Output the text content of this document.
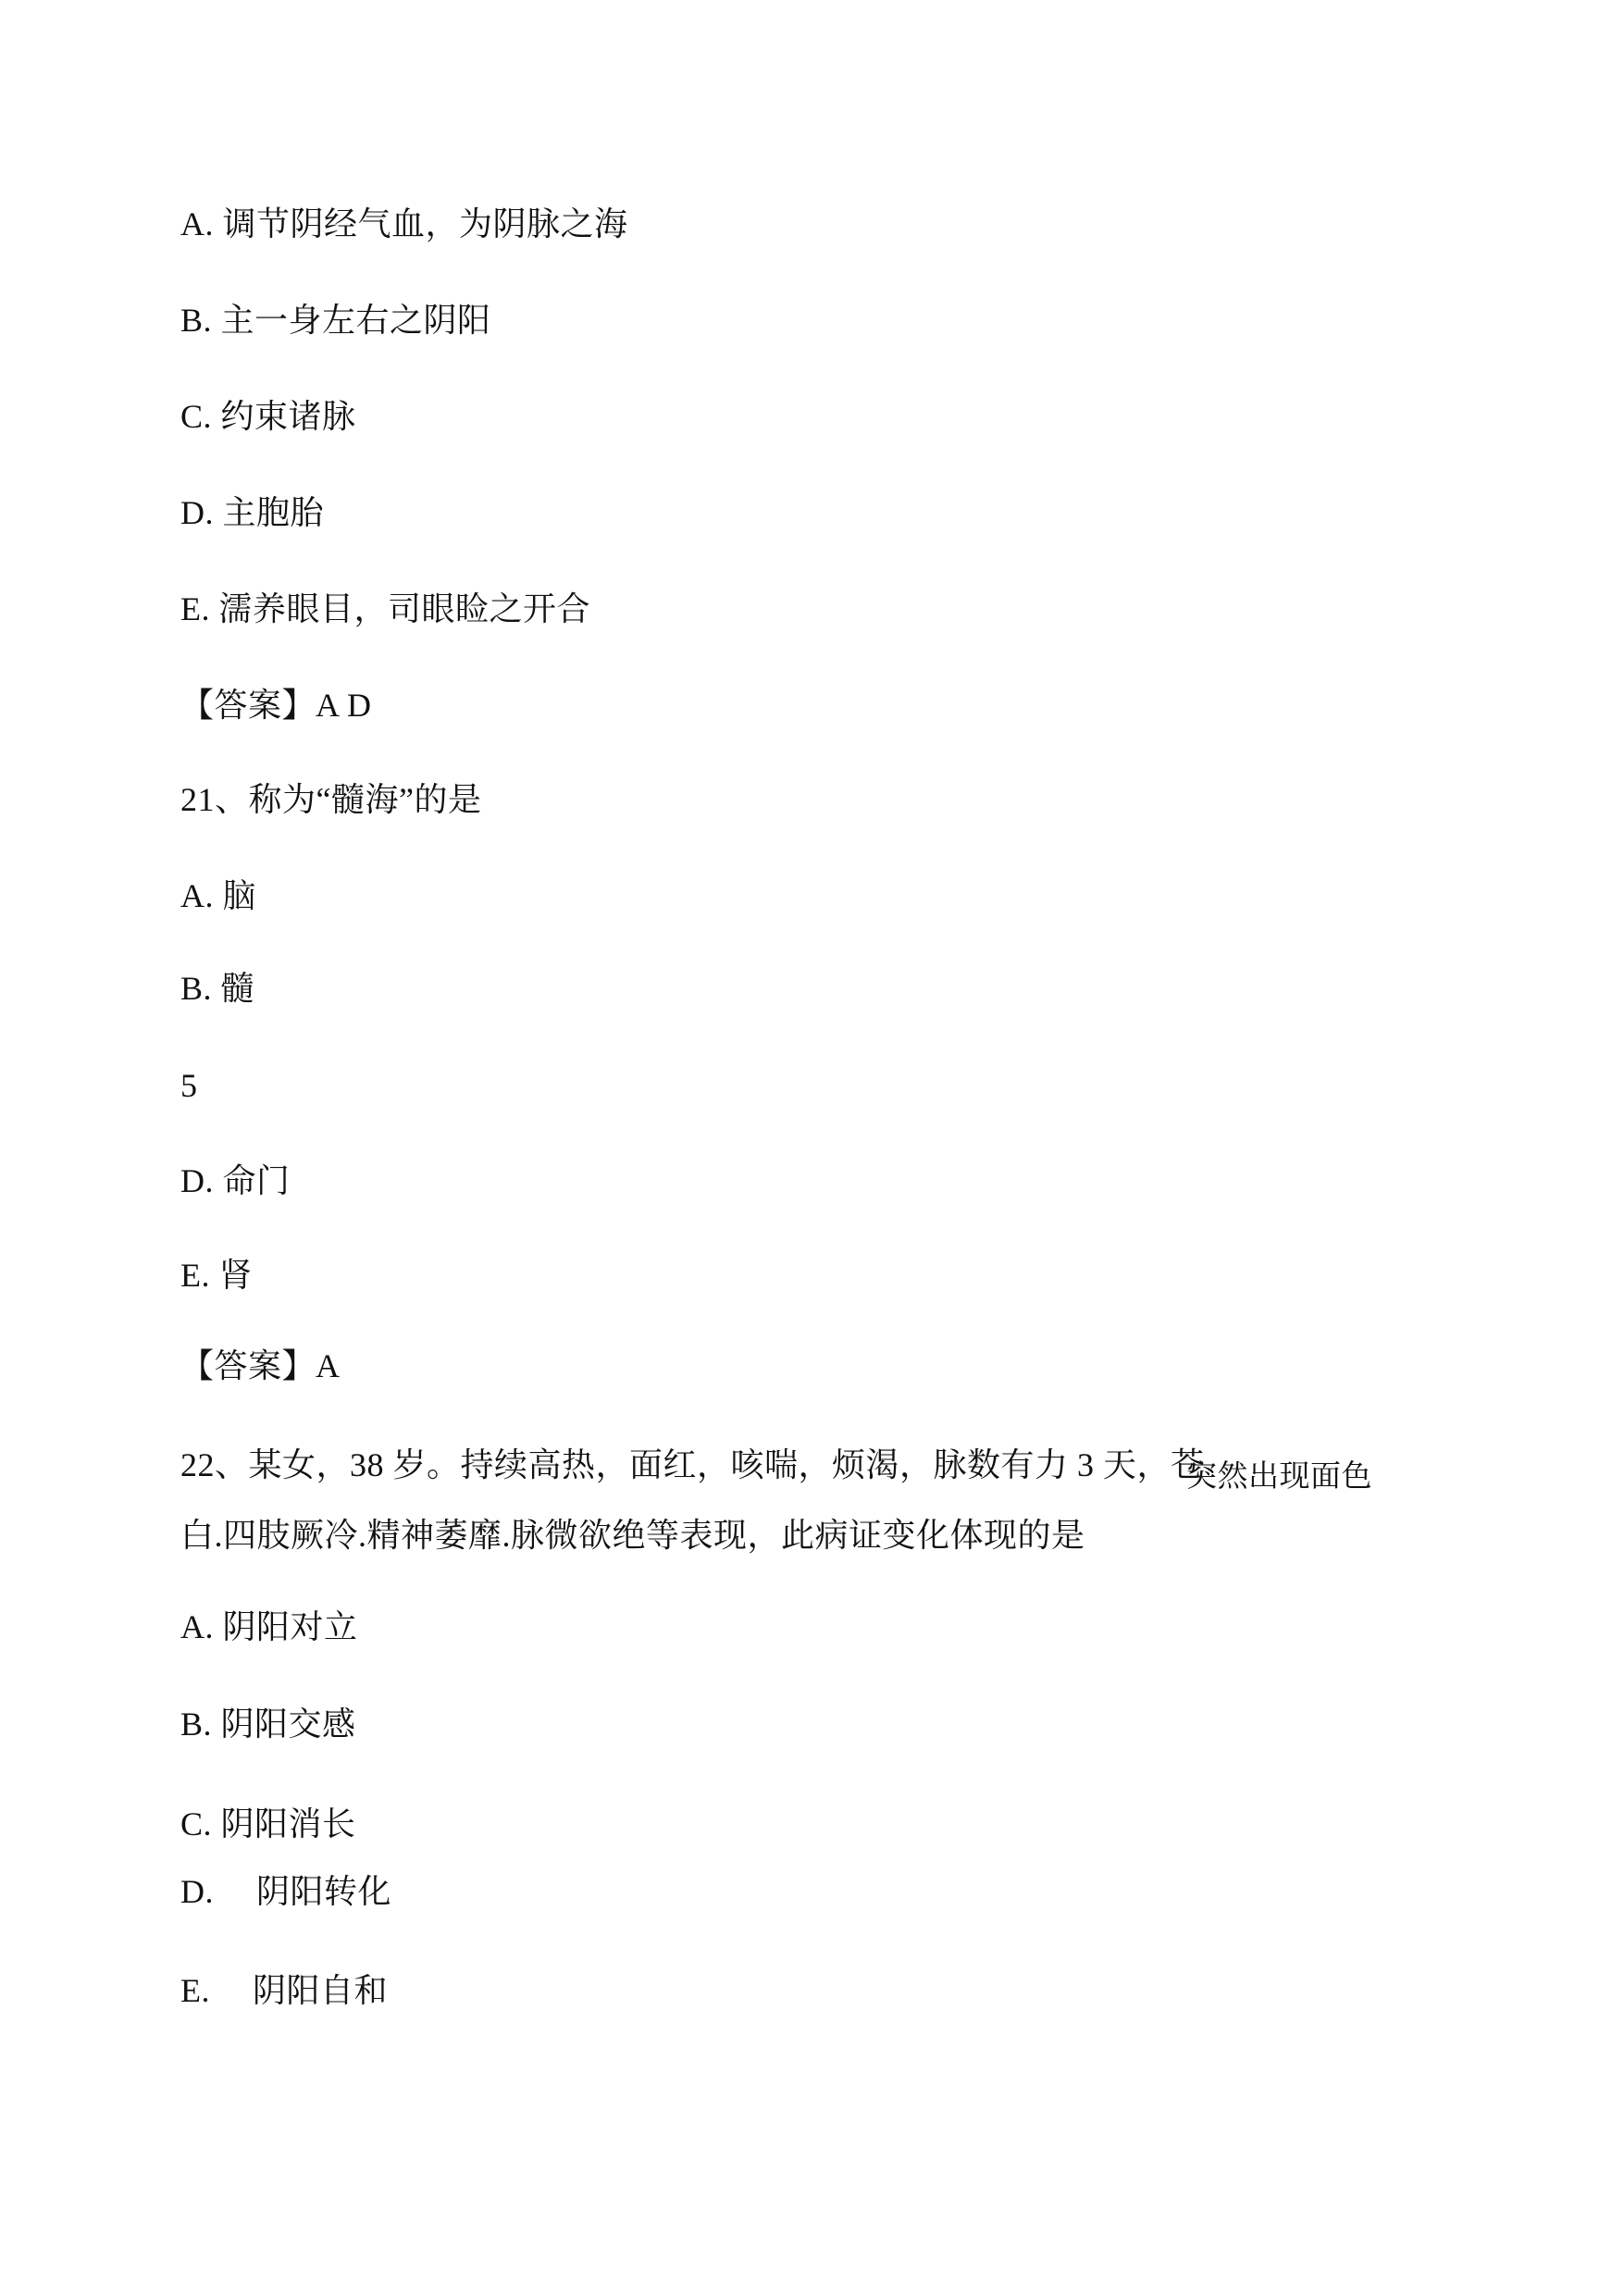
A. 调节阴经气血，为阴脉之海
B. 主一身左右之阴阳
C. 约束诸脉
D. 主胞胎
E. 濡养眼目，司眼睑之开合
【答案】A D
21、称为“髓海”的是
A. 脑
B. 髓
5
D. 命门
E. 肾
【答案】A
22、某女，38 岁。持续高热，面红，咳喘，烦渴，脉数有力 3 天，苍
突然出现面色
白.四肢厥冷.精神萎靡.脉微欲绝等表现，此病证变化体现的是
A. 阴阳对立
B. 阴阳交感
C. 阴阳消长
D. 　阴阳转化
E. 　阴阳自和
